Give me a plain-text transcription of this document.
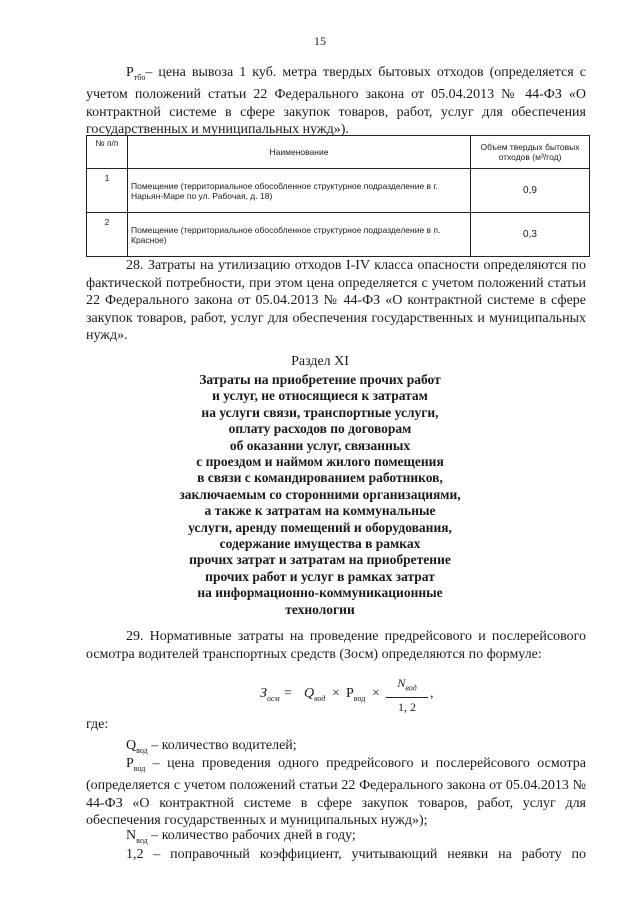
15
$P_{тбо}-$ цена вывоза 1 куб. метра твердых бытовых отходов (определяется с учетом положений статьи 22 Федерального закона от 05.04.2013 № 44-ФЗ «О контрактной системе в сфере закупок товаров, работ, услуг для обеспечения государственных и муниципальных нужд»).
№ п/п	Наименование	Объем твердых бытовых отходов (м³/год)
1	Помещение (территориальное обособленное структурное подразделение в г. Нарьян-Маре по ул. Рабочая, д. 18)	0,9
2	Помещение (территориальное обособленное структурное подразделение в п. Красное)	0,3
28. Затраты на утилизацию отходов I-IV класса опасности определяются по фактической потребности, при этом цена определяется с учетом положений статьи 22 Федерального закона от 05.04.2013 № 44-ФЗ «О контрактной системе в сфере закупок товаров, работ, услуг для обеспечения государственных и муниципальных нужд».
Раздел XI
Затраты на приобретение прочих работ
и услуг, не относящиеся к затратам
на услуги связи, транспортные услуги,
оплату расходов по договорам
об оказании услуг, связанных
с проездом и наймом жилого помещения
в связи с командированием работников,
заключаемым со сторонними организациями,
а также к затратам на коммунальные
услуги, аренду помещений и оборудования,
содержание имущества в рамках
прочих затрат и затратам на приобретение
прочих работ и услуг в рамках затрат
на информационно-коммуникационные
технологии
29. Нормативные затраты на проведение предрейсового и послерейсового осмотра водителей транспортных средств (Зосм) определяются по формуле:
$З_{осм} = Q_{вод} \times P_{вод}$ ×
$N_{вод}$
1, 2
,
где:
$Q_{вод}$ – количество водителей;
$P_{вод}$ – цена проведения одного предрейсового и послерейсового осмотра (определяется с учетом положений статьи 22 Федерального закона от 05.04.2013 № 44-ФЗ «О контрактной системе в сфере закупок товаров, работ, услуг для обеспечения государственных и муниципальных нужд»);
$N_{вод}$ – количество рабочих дней в году;
1,2 – поправочный коэффициент, учитывающий неявки на работу по
